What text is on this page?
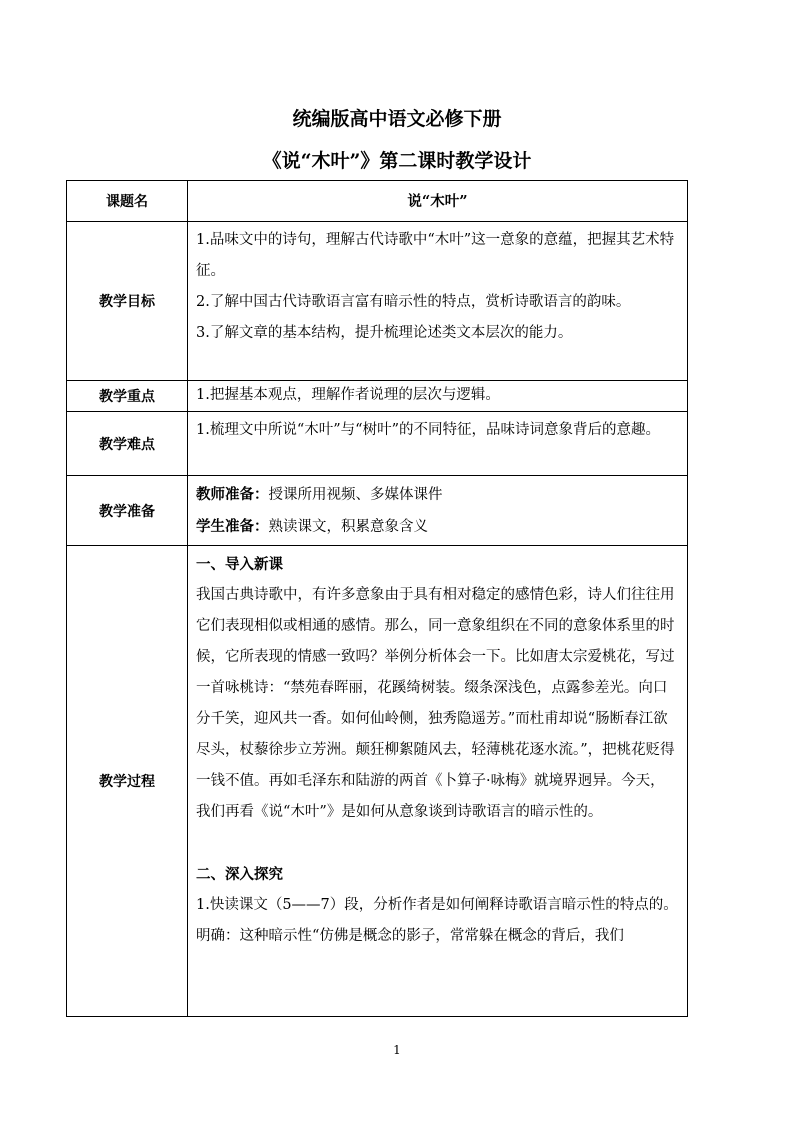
统编版高中语文必修下册
《说“木叶”》第二课时教学设计
课题名	说“木叶”
教学目标	1.品味文中的诗句，理解古代诗歌中“木叶”这一意象的意蕴，把握其艺术特征。

2.了解中国古代诗歌语言富有暗示性的特点，赏析诗歌语言的韵味。

3.了解文章的基本结构，提升梳理论述类文本层次的能力。

教学重点	1.把握基本观点，理解作者说理的层次与逻辑。

教学难点	1.梳理文中所说“木叶”与“树叶”的不同特征，品味诗词意象背后的意趣。

教学准备	教师准备：授课所用视频、多媒体课件

学生准备：熟读课文，积累意象含义

教学过程	一、导入新课

我国古典诗歌中，有许多意象由于具有相对稳定的感情色彩，诗人们往往用它们表现相似或相通的感情。那么，同一意象组织在不同的意象体系里的时候，它所表现的情感一致吗？举例分析体会一下。比如唐太宗爱桃花，写过一首咏桃诗：“禁苑春晖丽，花蹊绮树装。缀条深浅色，点露参差光。向口分千笑，迎风共一香。如何仙岭侧，独秀隐遥芳。”而杜甫却说“肠断春江欲尽头，杖藜徐步立芳洲。颠狂柳絮随风去，轻薄桃花逐水流。”，把桃花贬得一钱不值。再如毛泽东和陆游的两首《卜算子·咏梅》就境界迥异。今天，我们再看《说“木叶”》是如何从意象谈到诗歌语言的暗示性的。

二、深入探究

1.快读课文（5——7）段，分析作者是如何阐释诗歌语言暗示性的特点的。

明确：这种暗示性“仿佛是概念的影子，常常躲在概念的背后，我们

1
